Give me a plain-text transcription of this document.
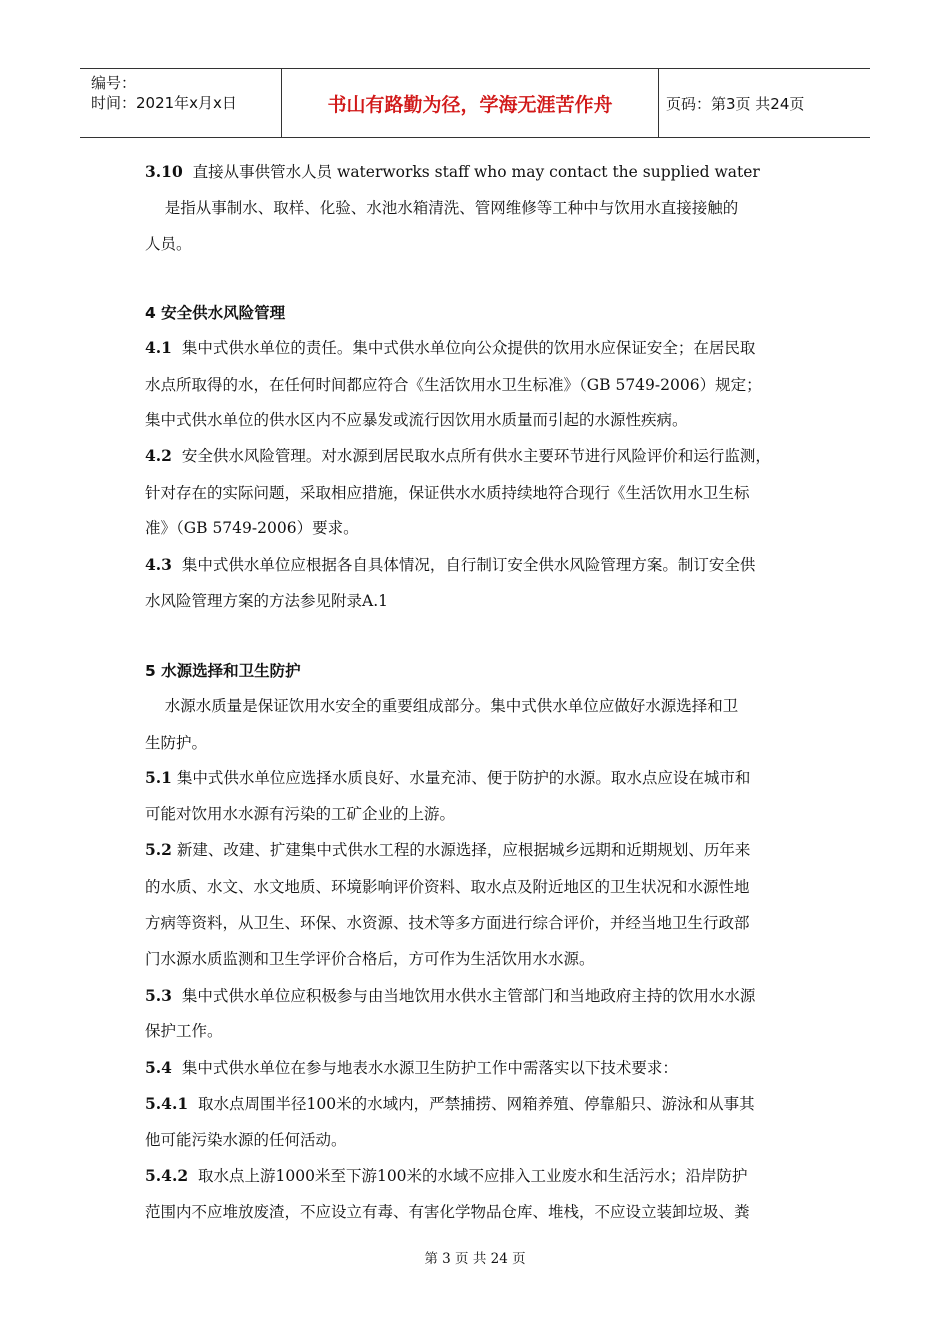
编号：
时间：2021年x月x日	书山有路勤为径，学海无涯苦作舟	页码：第3页 共24页
3.10  直接从事供管水人员 waterworks staff who may contact the supplied water
是指从事制水、取样、化验、水池水箱清洗、管网维修等工种中与饮用水直接接触的
人员。
4 安全供水风险管理
4.1  集中式供水单位的责任。集中式供水单位向公众提供的饮用水应保证安全；在居民取
水点所取得的水，在任何时间都应符合《生活饮用水卫生标准》（GB 5749-2006）规定；
集中式供水单位的供水区内不应暴发或流行因饮用水质量而引起的水源性疾病。
4.2  安全供水风险管理。对水源到居民取水点所有供水主要环节进行风险评价和运行监测，
针对存在的实际问题，采取相应措施，保证供水水质持续地符合现行《生活饮用水卫生标
准》（GB 5749-2006）要求。
4.3  集中式供水单位应根据各自具体情况，自行制订安全供水风险管理方案。制订安全供
水风险管理方案的方法参见附录A.1
5 水源选择和卫生防护
水源水质量是保证饮用水安全的重要组成部分。集中式供水单位应做好水源选择和卫
生防护。
5.1 集中式供水单位应选择水质良好、水量充沛、便于防护的水源。取水点应设在城市和
可能对饮用水水源有污染的工矿企业的上游。
5.2 新建、改建、扩建集中式供水工程的水源选择，应根据城乡远期和近期规划、历年来
的水质、水文、水文地质、环境影响评价资料、取水点及附近地区的卫生状况和水源性地
方病等资料，从卫生、环保、水资源、技术等多方面进行综合评价，并经当地卫生行政部
门水源水质监测和卫生学评价合格后，方可作为生活饮用水水源。
5.3  集中式供水单位应积极参与由当地饮用水供水主管部门和当地政府主持的饮用水水源
保护工作。
5.4  集中式供水单位在参与地表水水源卫生防护工作中需落实以下技术要求：
5.4.1  取水点周围半径100米的水域内，严禁捕捞、网箱养殖、停靠船只、游泳和从事其
他可能污染水源的任何活动。
5.4.2  取水点上游1000米至下游100米的水域不应排入工业废水和生活污水；沿岸防护
范围内不应堆放废渣，不应设立有毒、有害化学物品仓库、堆栈，不应设立装卸垃圾、粪
第 3 页 共 24 页
